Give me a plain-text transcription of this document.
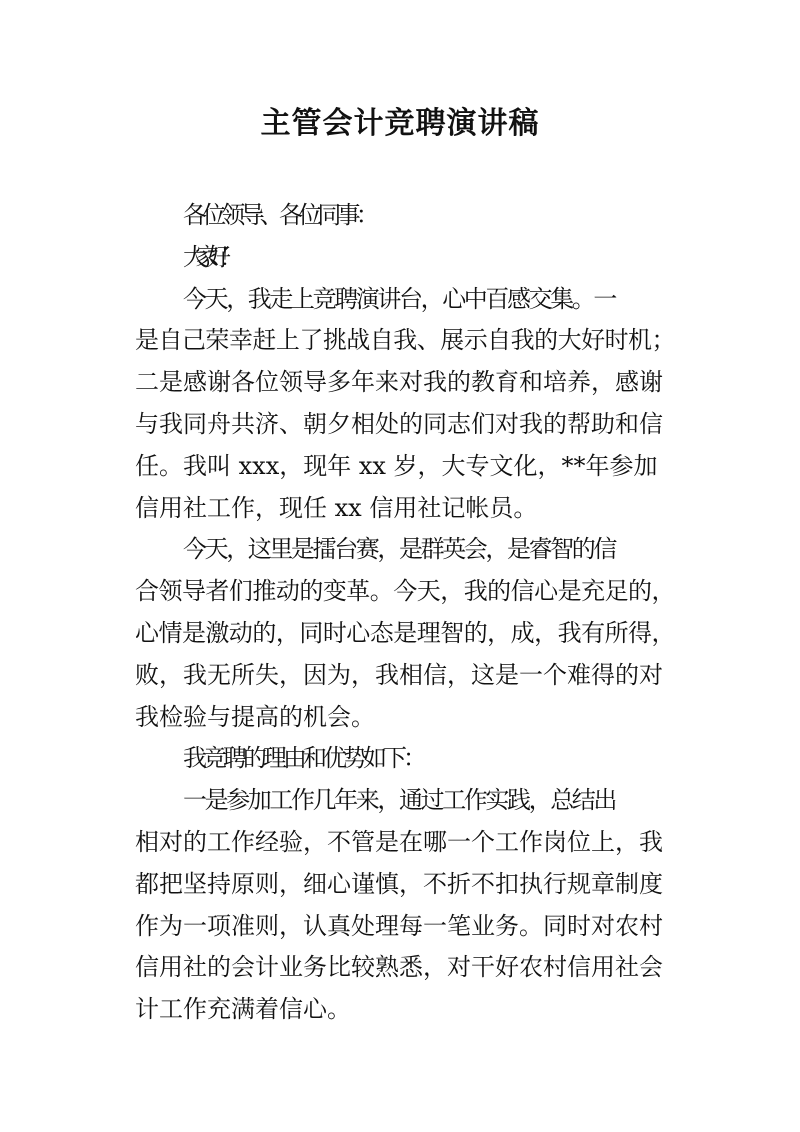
主管会计竞聘演讲稿
各位领导、各位同事：
大家好！
今天，我走上竞聘演讲台，心中百感交集。一
是自己荣幸赶上了挑战自我、展示自我的大好时机；
二是感谢各位领导多年来对我的教育和培养，感谢
与我同舟共济、朝夕相处的同志们对我的帮助和信
任。我叫 xxx，现年 xx 岁，大专文化，**年参加
信用社工作，现任 xx 信用社记帐员。
今天，这里是擂台赛，是群英会，是睿智的信
合领导者们推动的变革。今天，我的信心是充足的，
心情是激动的，同时心态是理智的，成，我有所得，
败，我无所失，因为，我相信，这是一个难得的对
我检验与提高的机会。
我竞聘的理由和优势如下：
一是参加工作几年来，通过工作实践，总结出
相对的工作经验，不管是在哪一个工作岗位上，我
都把坚持原则，细心谨慎，不折不扣执行规章制度
作为一项准则，认真处理每一笔业务。同时对农村
信用社的会计业务比较熟悉，对干好农村信用社会
计工作充满着信心。
